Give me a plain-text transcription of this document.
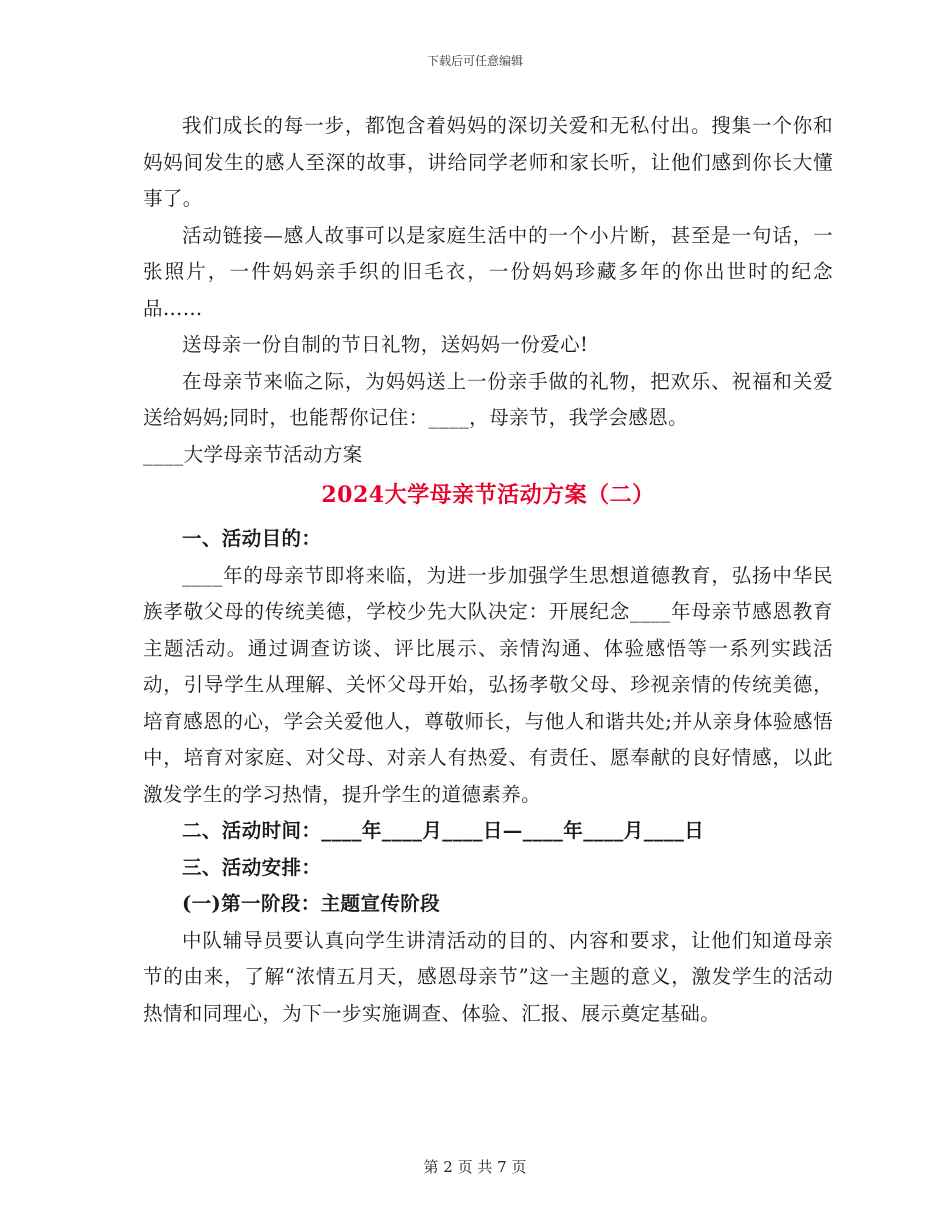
下载后可任意编辑

我们成长的每一步，都饱含着妈妈的深切关爱和无私付出。搜集一个你和妈妈间发生的感人至深的故事，讲给同学老师和家长听，让他们感到你长大懂事了。

活动链接—感人故事可以是家庭生活中的一个小片断，甚至是一句话，一张照片，一件妈妈亲手织的旧毛衣，一份妈妈珍藏多年的你出世时的纪念品……

送母亲一份自制的节日礼物，送妈妈一份爱心!

在母亲节来临之际，为妈妈送上一份亲手做的礼物，把欢乐、祝福和关爱送给妈妈;同时，也能帮你记住：____，母亲节，我学会感恩。

____大学母亲节活动方案

2024大学母亲节活动方案（二）

一、活动目的：

____年的母亲节即将来临，为进一步加强学生思想道德教育，弘扬中华民族孝敬父母的传统美德，学校少先大队决定：开展纪念____年母亲节感恩教育主题活动。通过调查访谈、评比展示、亲情沟通、体验感悟等一系列实践活动，引导学生从理解、关怀父母开始，弘扬孝敬父母、珍视亲情的传统美德，培育感恩的心，学会关爱他人，尊敬师长，与他人和谐共处;并从亲身体验感悟中，培育对家庭、对父母、对亲人有热爱、有责任、愿奉献的良好情感，以此激发学生的学习热情，提升学生的道德素养。

二、活动时间：____年____月____日—____年____月____日

三、活动安排：

(一)第一阶段：主题宣传阶段

中队辅导员要认真向学生讲清活动的目的、内容和要求，让他们知道母亲节的由来，了解“浓情五月天，感恩母亲节”这一主题的意义，激发学生的活动热情和同理心，为下一步实施调查、体验、汇报、展示奠定基础。

第 2 页 共 7 页
